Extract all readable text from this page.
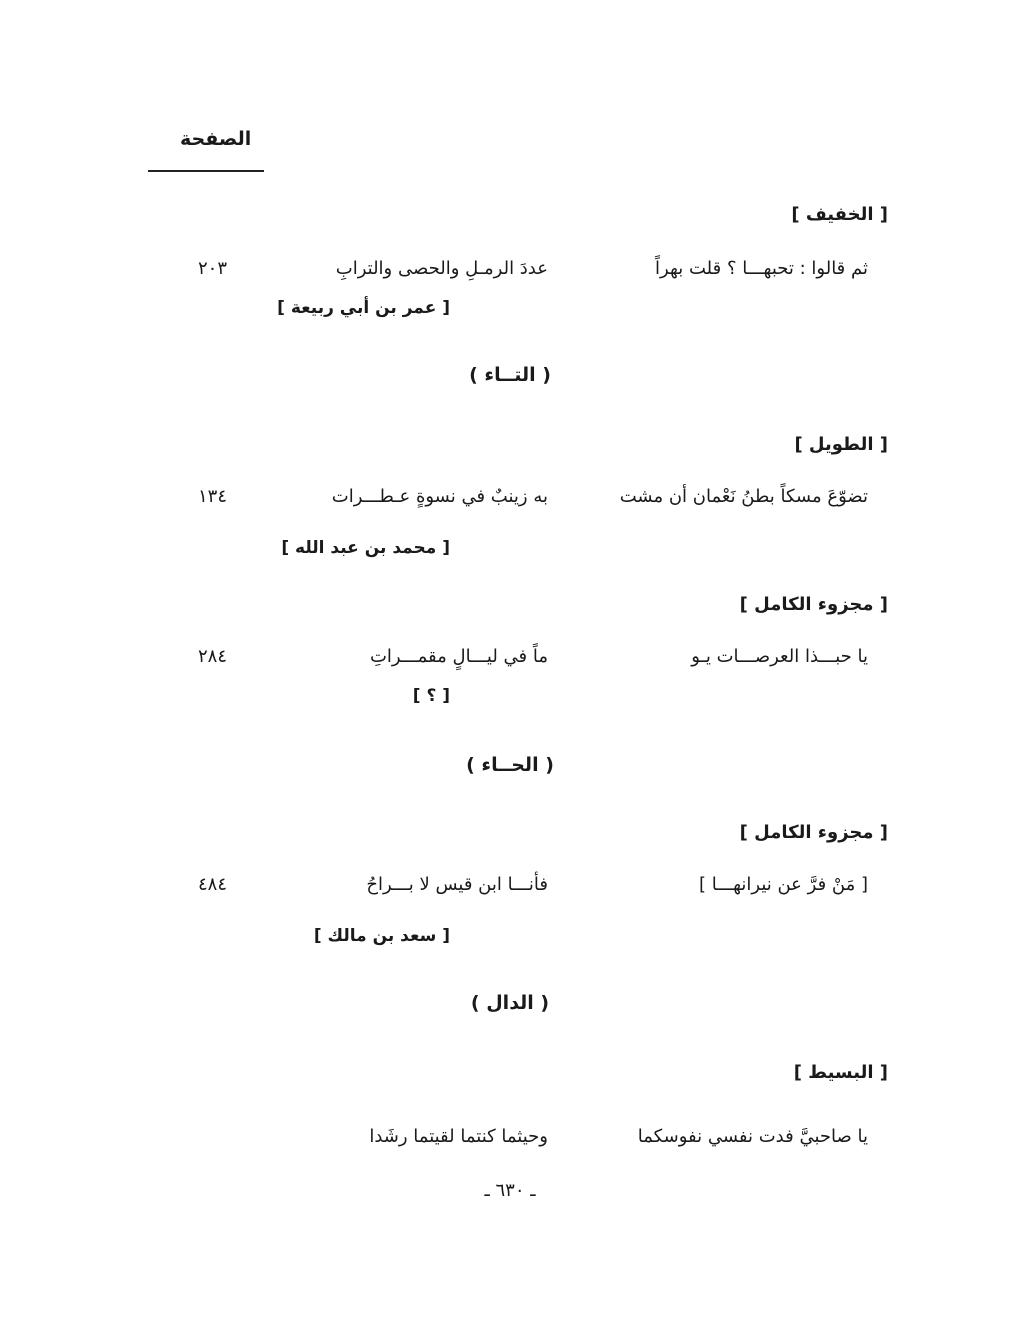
الصفحة
[ الخفيف ]
ثم قالوا : تحبهـــا ؟ قلت بهراً
عددَ الرمـلِ والحصى والترابِ
٢٠٣
[ عمر بن أبي ربيعة ]
( التــاء )
[ الطويل ]
تضوّعَ مسكاً بطنُ نَعْمان أن مشت
به زينبٌ في نسوةٍ عـطـــرات
١٣٤
[ محمد بن عبد الله ]
[ مجزوء الكامل ]
يا حبـــذا العرصـــات يـو
ماً في ليـــالٍ مقمـــراتِ
٢٨٤
[ ؟ ]
( الحــاء )
[ مجزوء الكامل ]
[ مَنْ فرَّ عن نيرانهـــا ]
فأنـــا ابن قيس لا بـــراحُ
٤٨٤
[ سعد بن مالك ]
( الدال )
[ البسيط ]
يا صاحبيَّ فدت نفسي نفوسكما
وحيثما كنتما لقيتما رشَدا
ـ ٦٣٠ ـ
